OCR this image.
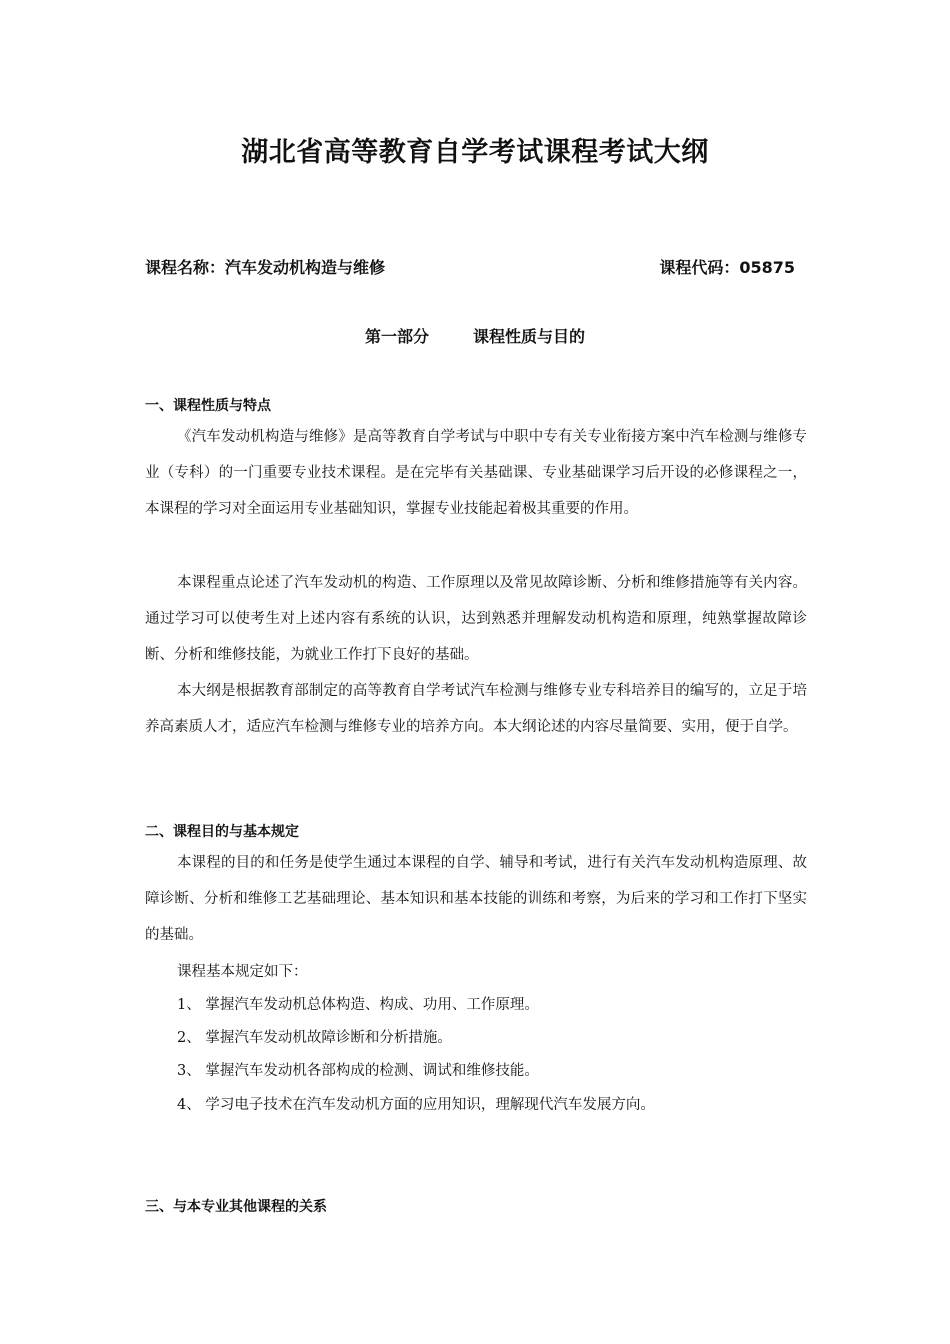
湖北省高等教育自学考试课程考试大纲
课程名称：汽车发动机构造与维修	课程代码：05875
第一部分	课程性质与目的
一、课程性质与特点

《汽车发动机构造与维修》是高等教育自学考试与中职中专有关专业衔接方案中汽车检测与维修专业（专科）的一门重要专业技术课程。是在完毕有关基础课、专业基础课学习后开设的必修课程之一，本课程的学习对全面运用专业基础知识，掌握专业技能起着极其重要的作用。

本课程重点论述了汽车发动机的构造、工作原理以及常见故障诊断、分析和维修措施等有关内容。通过学习可以使考生对上述内容有系统的认识，达到熟悉并理解发动机构造和原理，纯熟掌握故障诊断、分析和维修技能，为就业工作打下良好的基础。

本大纲是根据教育部制定的高等教育自学考试汽车检测与维修专业专科培养目的编写的，立足于培养高素质人才，适应汽车检测与维修专业的培养方向。本大纲论述的内容尽量简要、实用，便于自学。

二、课程目的与基本规定

本课程的目的和任务是使学生通过本课程的自学、辅导和考试，进行有关汽车发动机构造原理、故障诊断、分析和维修工艺基础理论、基本知识和基本技能的训练和考察，为后来的学习和工作打下坚实的基础。

课程基本规定如下：

1、 掌握汽车发动机总体构造、构成、功用、工作原理。

2、 掌握汽车发动机故障诊断和分析措施。

3、 掌握汽车发动机各部构成的检测、调试和维修技能。

4、 学习电子技术在汽车发动机方面的应用知识，理解现代汽车发展方向。

三、与本专业其他课程的关系
